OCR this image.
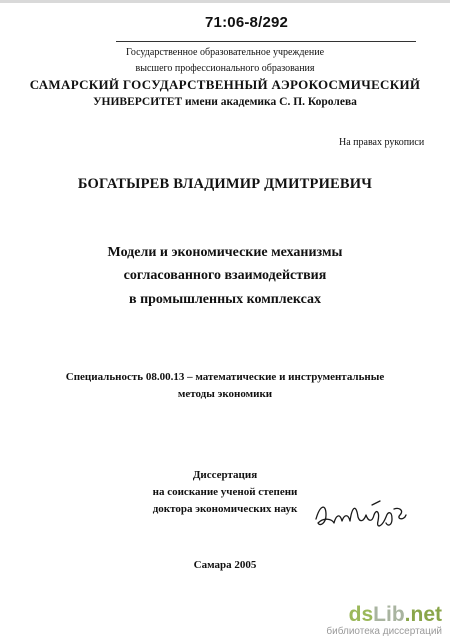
71:06-8/292
Государственное образовательное учреждение
высшего профессионального образования
САМАРСКИЙ ГОСУДАРСТВЕННЫЙ АЭРОКОСМИЧЕСКИЙ
УНИВЕРСИТЕТ имени академика С. П. Королева
На правах рукописи
БОГАТЫРЕВ ВЛАДИМИР ДМИТРИЕВИЧ
Модели и экономические механизмы
согласованного взаимодействия
в промышленных комплексах
Специальность 08.00.13 – математические и инструментальные
методы экономики
Диссертация
на соискание ученой степени
доктора экономических наук
Самара 2005
dsLib.net
библиотека диссертаций
